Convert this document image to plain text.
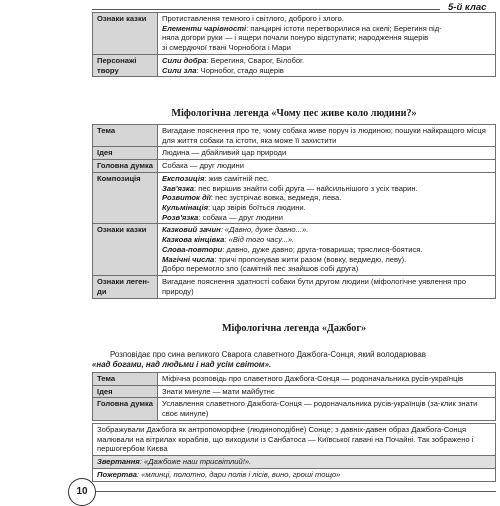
5-й клас
Ознаки казки	Протиставлення темного і світлого, доброго і злого.
Елементи чарівності: панцирні істоти перетворилися на скелі; Берегиня під-
няла догори руки — і ящери почали понуро відступати; народження ящерів
зі смердючої твані Чорнобога і Мари

Персонажі твору	Сили добра: Берегиня, Сварог, Білобог.
Сили зла: Чорнобог, стадо ящерів
Міфологічна легенда «Чому пес живе коло людини?»
Тема	Вигадане пояснення про те, чому собака живе поруч із людиною; пошуки найкращого місця для життя собаки та істоти, яка може її захистити
Ідея	Людина — дбайливий цар природи
Головна думка	Собака — друг людини
Композиція	Експозиція: жив самітній пес.
Зав'язка: пес вирішив знайти собі друга — найсильнішого з усіх тварин.
Розвиток дії: пес зустрічає вовка, ведмедя, лева.
Кульмінація: цар звірів боїться людини.
Розв'язка: собака — друг людини

Ознаки казки	Казковий зачин: «Давно, дуже давно...».
Казкова кінцівка: «Від того часу...».
Слова-повтори: давно, дуже давно; друга-товариша; тряслися-боятися.
Магічні числа: тричі пропонував жити разом (вовку, ведмедю, леву).
Добро перемогло зло (самітній пес знайшов собі друга)

Ознаки леген-ди	Вигадане пояснення здатності собаки бути другом людини (міфологічне уявлення про природу)
Міфологічна легенда «Дажбог»
Розповідає про сина великого Сварога славетного Дажбога-Сонця, який володарював
«над богами, над людьми і над усім світом».
Тема	Міфічна розповідь про славетного Дажбога-Сонця — родоначальника русів-українців
Ідея	Знати минуле — мати майбутнє
Головна думка	Уславлення славетного Дажбога-Сонця — родоначальника русів-українців (за-клик знати своє минуле)
Зображували Дажбога як антропоморфне (людиноподібне) Сонце; з давніх-давен образ Дажбога-Сонця малювали на вітрилах кораблів, що виходили із Санбатоса — Київської гавані на Почайні. Так зображено і першогербом Києва
Звертання: «Дажбоже наш трисвітлий!».
Пожертва: «млинці, полотно, дари полів і лісів, вино, гроші тощо»
10
